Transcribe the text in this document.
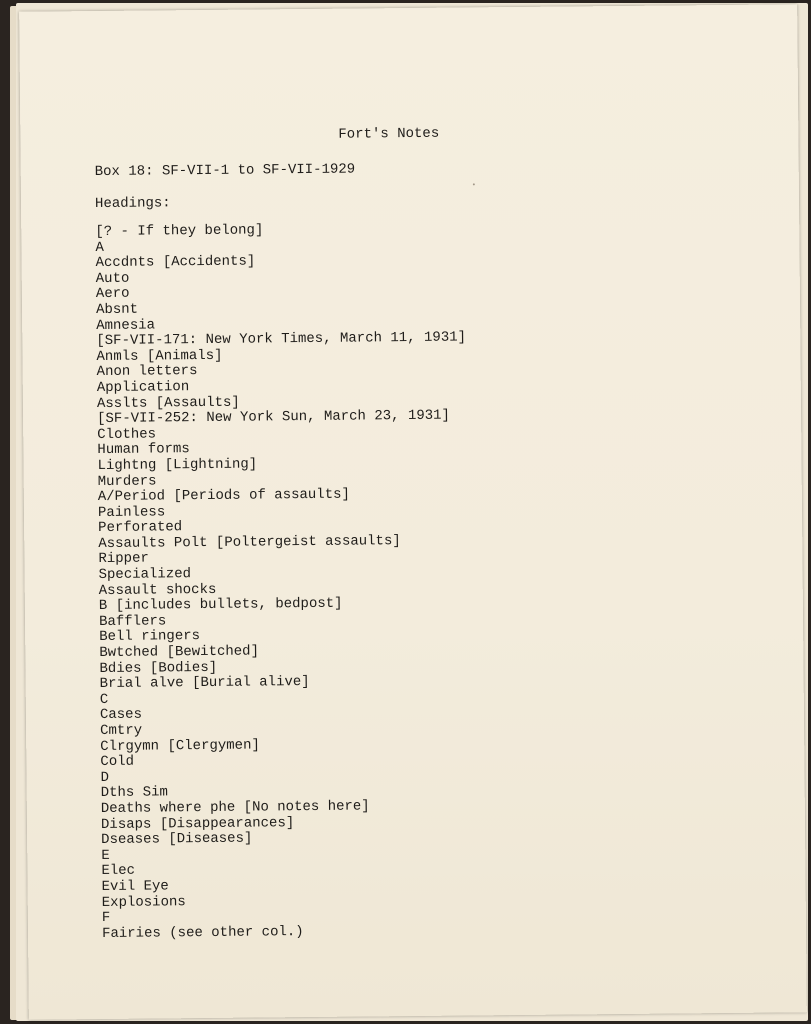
Fort's Notes
Box 18: SF-VII-1 to SF-VII-1929
Headings:
[? - If they belong]
A
Accdnts [Accidents]
Auto
Aero
Absnt
Amnesia
[SF-VII-171: New York Times, March 11, 1931]
Anmls [Animals]
Anon letters
Application
Asslts [Assaults]
[SF-VII-252: New York Sun, March 23, 1931]
Clothes
Human forms
Lightng [Lightning]
Murders
A/Period [Periods of assaults]
Painless
Perforated
Assaults Polt [Poltergeist assaults]
Ripper
Specialized
Assault shocks
B [includes bullets, bedpost]
Bafflers
Bell ringers
Bwtched [Bewitched]
Bdies [Bodies]
Brial alve [Burial alive]
C
Cases
Cmtry
Clrgymn [Clergymen]
Cold
D
Dths Sim
Deaths where phe [No notes here]
Disaps [Disappearances]
Dseases [Diseases]
E
Elec
Evil Eye
Explosions
F
Fairies (see other col.)
